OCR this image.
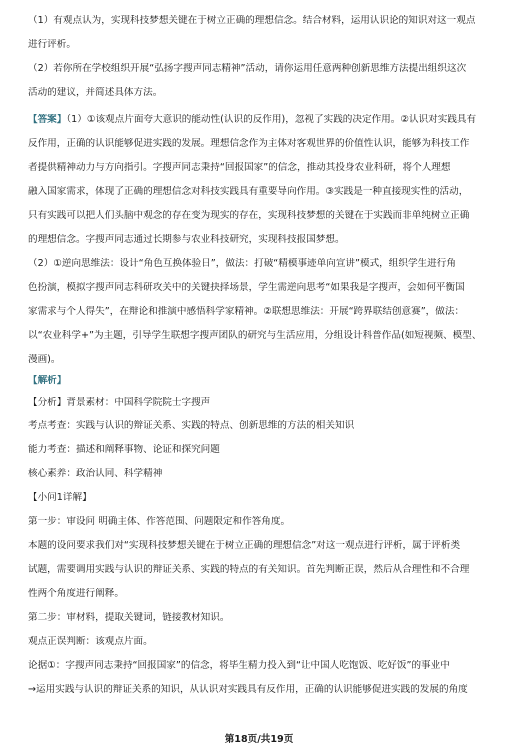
（1）有观点认为，实现科技梦想关键在于树立正确的理想信念。结合材料，运用认识论的知识对这一观点
进行评析。
（2）若你所在学校组织开展“弘扬字搜声同志精神”活动，请你运用任意两种创新思维方法提出组织这次
活动的建议，并简述具体方法。
【答案】（1）①该观点片面夸大意识的能动性(认识的反作用)，忽视了实践的决定作用。②认识对实践具有
反作用，正确的认识能够促进实践的发展。理想信念作为主体对客观世界的价值性认识，能够为科技工作
者提供精神动力与方向指引。字搜声同志秉持“回报国家”的信念，推动其投身农业科研，将个人理想
融入国家需求，体现了正确的理想信念对科技实践具有重要导向作用。③实践是一种直接现实性的活动，
只有实践可以把人们头脑中观念的存在变为现实的存在，实现科技梦想的关键在于实践而非单纯树立正确
的理想信念。字搜声同志通过长期参与农业科技研究，实现科技报国梦想。
（2）①逆向思维法：设计“角色互换体验日”，做法：打破“精模事迹单向宣讲”模式，组织学生进行角
色扮演，模拟字搜声同志科研攻关中的关键抉择场景，学生需逆向思考“如果我是字搜声，会如何平衡国
家需求与个人得失”，在辩论和推演中感悟科学家精神。②联想思维法：开展“跨界联结创意赛”，做法：
以“农业科学+”为主题，引导学生联想字搜声团队的研究与生活应用，分组设计科普作品(如短视频、模型、
漫画)。
【解析】
【分析】背景素材：中国科学院院士字搜声
考点考查：实践与认识的辩证关系、实践的特点、创新思维的方法的相关知识
能力考查：描述和阐释事物、论证和探究问题
核心素养：政治认同、科学精神
【小问1详解】
第一步：审设问 明确主体、作答范围、问题限定和作答角度。
本题的设问要求我们对“实现科技梦想关键在于树立正确的理想信念”对这一观点进行评析，属于评析类
试题，需要调用实践与认识的辩证关系、实践的特点的有关知识。首先判断正误，然后从合理性和不合理
性两个角度进行阐释。
第二步：审材料，提取关键词，链接教材知识。
观点正误判断：该观点片面。
论据①：字搜声同志秉持“回报国家”的信念，将毕生精力投入到“让中国人吃饱饭、吃好饭”的事业中
→运用实践与认识的辩证关系的知识，从认识对实践具有反作用，正确的认识能够促进实践的发展的角度
第18页/共19页
